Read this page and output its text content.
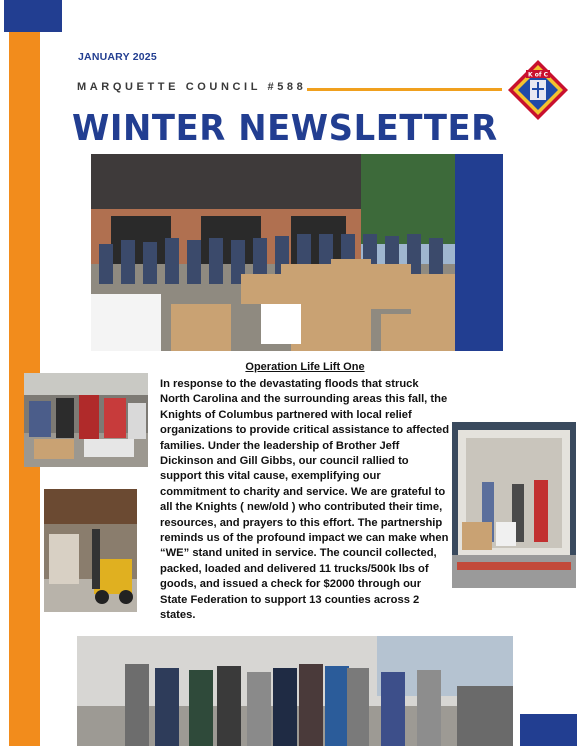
JANUARY 2025
MARQUETTE COUNCIL #588
K of C
WINTER NEWSLETTER
Operation Life Lift One
In response to the devastating floods that struck North Carolina and the surrounding areas this fall, the Knights of Columbus partnered with local relief organizations to provide critical assistance to affected families. Under the leadership of Brother Jeff Dickinson and Gill Gibbs, our council rallied to support this vital cause, exemplifying our commitment to charity and service. We are grateful to all the Knights ( new/old ) who contributed their time, resources, and prayers to this effort. The partnership reminds us of the profound impact we can make when “WE” stand united in service. The council collected, packed, loaded and delivered 11 trucks/500k lbs of goods, and issued a check for $2000 through our State Federation to support 13 counties across 2 states.
